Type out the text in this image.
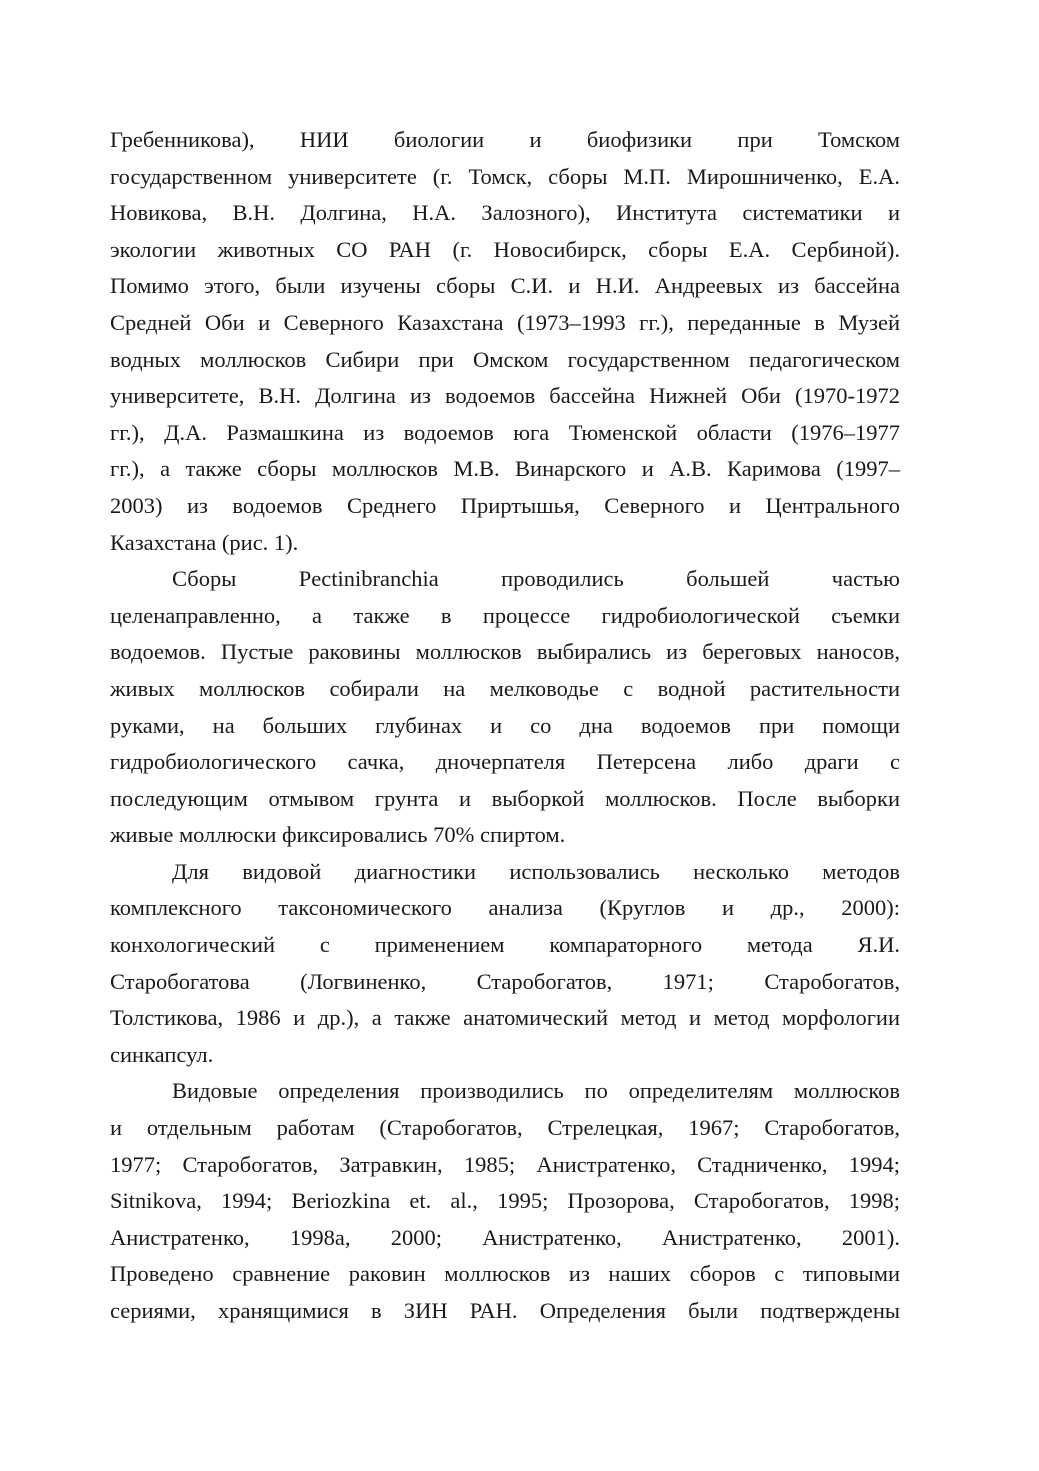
Гребенникова), НИИ биологии и биофизики при Томском
государственном университете (г. Томск, сборы М.П. Мирошниченко, Е.А.
Новикова, В.Н. Долгина, Н.А. Залозного), Института систематики и
экологии животных СО РАН (г. Новосибирск, сборы Е.А. Сербиной).
Помимо этого, были изучены сборы С.И. и Н.И. Андреевых из бассейна
Средней Оби и Северного Казахстана (1973–1993 гг.), переданные в Музей
водных моллюсков Сибири при Омском государственном педагогическом
университете, В.Н. Долгина из водоемов бассейна Нижней Оби (1970-1972
гг.), Д.А. Размашкина из водоемов юга Тюменской области (1976–1977
гг.), а также сборы моллюсков М.В. Винарского и А.В. Каримова (1997–
2003) из водоемов Среднего Приртышья, Северного и Центрального
Казахстана (рис. 1).
Сборы Pectinibranchia проводились большей частью
целенаправленно, а также в процессе гидробиологической съемки
водоемов. Пустые раковины моллюсков выбирались из береговых наносов,
живых моллюсков собирали на мелководье с водной растительности
руками, на больших глубинах и со дна водоемов при помощи
гидробиологического сачка, дночерпателя Петерсена либо драги с
последующим отмывом грунта и выборкой моллюсков. После выборки
живые моллюски фиксировались 70% спиртом.
Для видовой диагностики использовались несколько методов
комплексного таксономического анализа (Круглов и др., 2000):
конхологический с применением компараторного метода Я.И.
Старобогатова (Логвиненко, Старобогатов, 1971; Старобогатов,
Толстикова, 1986 и др.), а также анатомический метод и метод морфологии
синкапсул.
Видовые определения производились по определителям моллюсков
и отдельным работам (Старобогатов, Стрелецкая, 1967; Старобогатов,
1977; Старобогатов, Затравкин, 1985; Анистратенко, Стадниченко, 1994;
Sitnikova, 1994; Beriozkina et. al., 1995; Прозорова, Старобогатов, 1998;
Анистратенко, 1998а, 2000; Анистратенко, Анистратенко, 2001).
Проведено сравнение раковин моллюсков из наших сборов с типовыми
сериями, хранящимися в ЗИН РАН. Определения были подтверждены
